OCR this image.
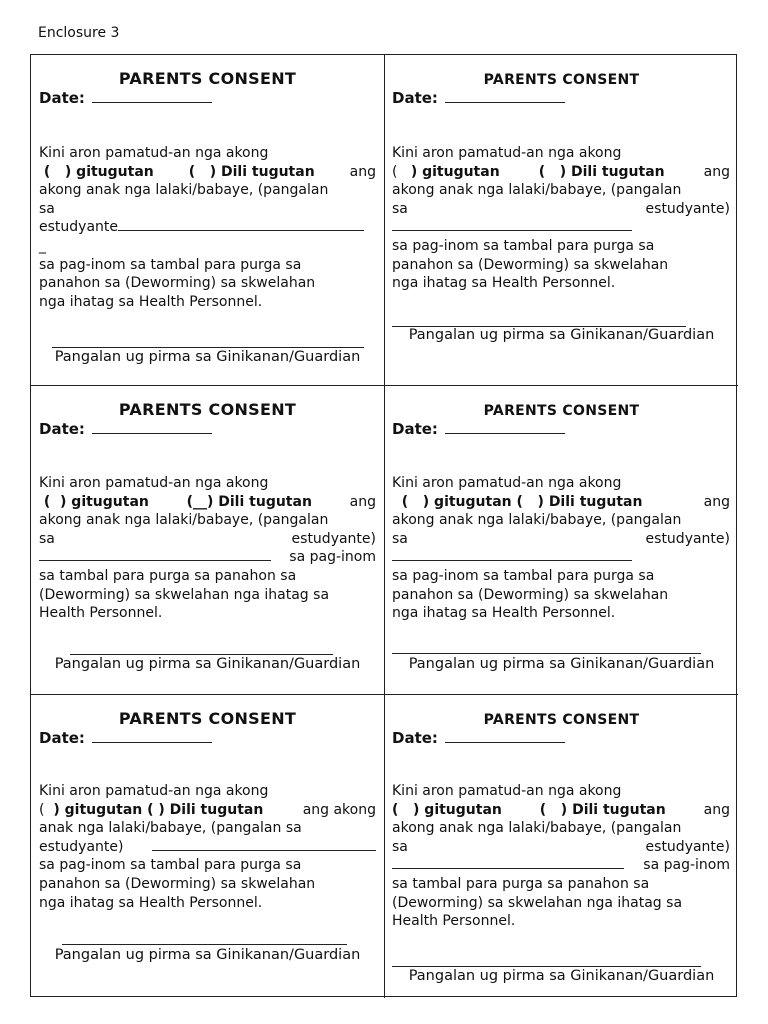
Enclosure 3
PARENTS CONSENT
Date:
Kini aron pamatud-an nga akong
(   ) gitugutan (   ) Dili tugutan ang
akong anak nga lalaki/babaye, (pangalan
sa
estudyante
_
sa pag-inom sa tambal para purga sa
panahon sa (Deworming) sa skwelahan
nga ihatag sa Health Personnel.
Pangalan ug pirma sa Ginikanan/Guardian
PARENTS CONSENT
Date:
Kini aron pamatud-an nga akong
(   ) gitugutan	(   ) Dili tugutan	ang
akong anak nga lalaki/babaye, (pangalan
sa	estudyante)
sa pag-inom sa tambal para purga sa
panahon sa (Deworming) sa skwelahan
nga ihatag sa Health Personnel.
Pangalan ug pirma sa Ginikanan/Guardian
PARENTS CONSENT
Date:
Kini aron pamatud-an nga akong
(  ) gitugutan	(__) Dili tugutan	ang
akong anak nga lalaki/babaye, (pangalan
sa	estudyante)
sa pag-inom
sa tambal para purga sa panahon sa
(Deworming) sa skwelahan nga ihatag sa
Health Personnel.
Pangalan ug pirma sa Ginikanan/Guardian
PARENTS CONSENT
Date:
Kini aron pamatud-an nga akong
(   ) gitugutan (   ) Dili tugutan	ang
akong anak nga lalaki/babaye, (pangalan
sa	estudyante)
sa pag-inom sa tambal para purga sa
panahon sa (Deworming) sa skwelahan
nga ihatag sa Health Personnel.
Pangalan ug pirma sa Ginikanan/Guardian
PARENTS CONSENT
Date:
Kini aron pamatud-an nga akong
(  ) gitugutan ( ) Dili tugutan	ang akong
anak nga lalaki/babaye, (pangalan sa
estudyante)
sa pag-inom sa tambal para purga sa
panahon sa (Deworming) sa skwelahan
nga ihatag sa Health Personnel.
Pangalan ug pirma sa Ginikanan/Guardian
PARENTS CONSENT
Date:
Kini aron pamatud-an nga akong
(   ) gitugutan	(   ) Dili tugutan	ang
akong anak nga lalaki/babaye, (pangalan
sa	estudyante)
sa pag-inom
sa tambal para purga sa panahon sa
(Deworming) sa skwelahan nga ihatag sa
Health Personnel.
Pangalan ug pirma sa Ginikanan/Guardian
